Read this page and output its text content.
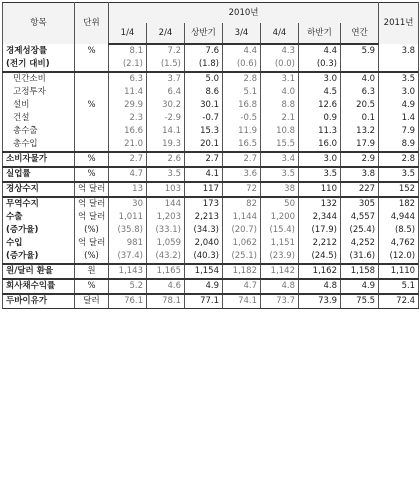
항목	단위	2010년							2011년
		1/4	2/4	상반기	3/4	4/4	하반기	연간	
경제성장률	%	8.1	7.2	7.6	4.4	4.3	4.4	5.9	3.8
(전기 대비)		(2.1)	(1.5)	(1.8)	(0.6)	(0.0)	(0.3)		
민간소비		6.3	3.7	5.0	2.8	3.1	3.0	4.0	3.5
고정투자		11.4	6.4	8.6	5.1	4.0	4.5	6.3	3.0
설비	%	29.9	30.2	30.1	16.8	8.8	12.6	20.5	4.9
건설		2.3	-2.9	-0.7	-0.5	2.1	0.9	0.1	1.4
총수출		16.6	14.1	15.3	11.9	10.8	11.3	13.2	7.9
총수입		21.0	19.3	20.1	16.5	15.5	16.0	17.9	8.9
소비자물가	%	2.7	2.6	2.7	2.7	3.4	3.0	2.9	2.8
실업률	%	4.7	3.5	4.1	3.6	3.5	3.5	3.8	3.5
경상수지	억 달러	13	103	117	72	38	110	227	152
무역수지	억 달러	30	144	173	82	50	132	305	182
수출	억 달러	1,011	1,203	2,213	1,144	1,200	2,344	4,557	4,944
(증가율)	(%)	(35.8)	(33.1)	(34.3)	(20.7)	(15.4)	(17.9)	(25.4)	(8.5)
수입	억 달러	981	1,059	2,040	1,062	1,151	2,212	4,252	4,762
(증가율)	(%)	(37.4)	(43.2)	(40.3)	(25.1)	(23.9)	(24.5)	(31.6)	(12.0)
원/달러 환율	원	1,143	1,165	1,154	1,182	1,142	1,162	1,158	1,110
회사채수익률	%	5.2	4.6	4.9	4.7	4.8	4.8	4.9	5.1
두바이유가	달러	76.1	78.1	77.1	74.1	73.7	73.9	75.5	72.4
